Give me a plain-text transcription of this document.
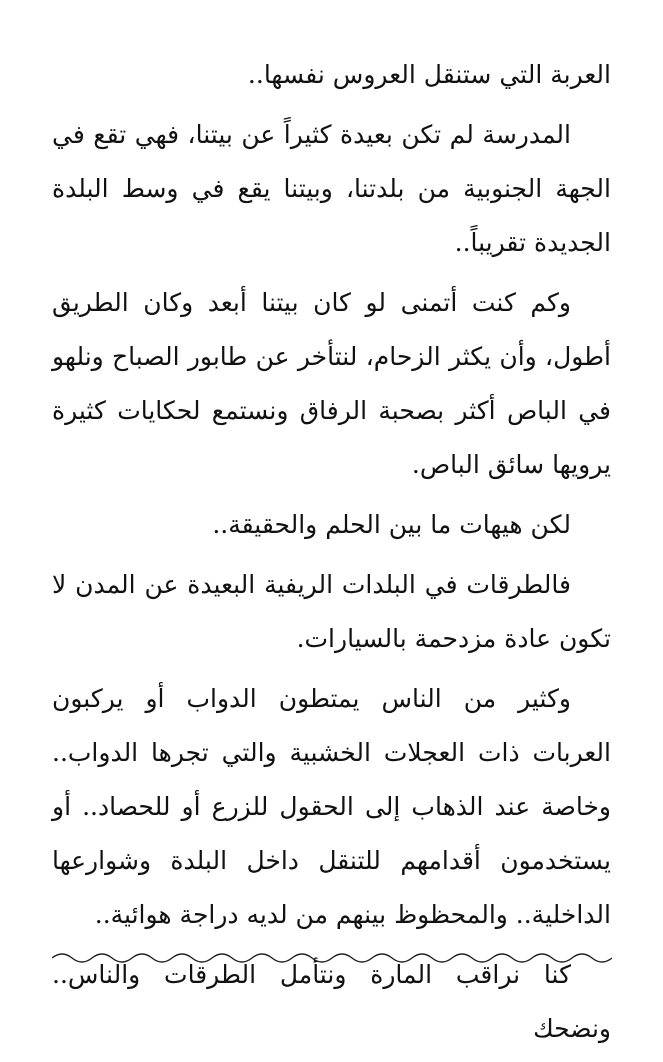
العربة التي ستنقل العروس نفسها..

المدرسة لم تكن بعيدة كثيراً عن بيتنا، فهي تقع في الجهة الجنوبية من بلدتنا، وبيتنا يقع في وسط البلدة الجديدة تقريباً..

وكم كنت أتمنى لو كان بيتنا أبعد وكان الطريق أطول، وأن يكثر الزحام، لنتأخر عن طابور الصباح ونلهو في الباص أكثر بصحبة الرفاق ونستمع لحكايات كثيرة يرويها سائق الباص.

لكن هيهات ما بين الحلم والحقيقة..

فالطرقات في البلدات الريفية البعيدة عن المدن لا تكون عادة مزدحمة بالسيارات.

وكثير من الناس يمتطون الدواب أو يركبون العربات ذات العجلات الخشبية والتي تجرها الدواب.. وخاصة عند الذهاب إلى الحقول للزرع أو للحصاد.. أو يستخدمون أقدامهم للتنقل داخل البلدة وشوارعها الداخلية.. والمحظوظ بينهم من لديه دراجة هوائية..

كنا نراقب المارة ونتأمل الطرقات والناس.. ونضحك
